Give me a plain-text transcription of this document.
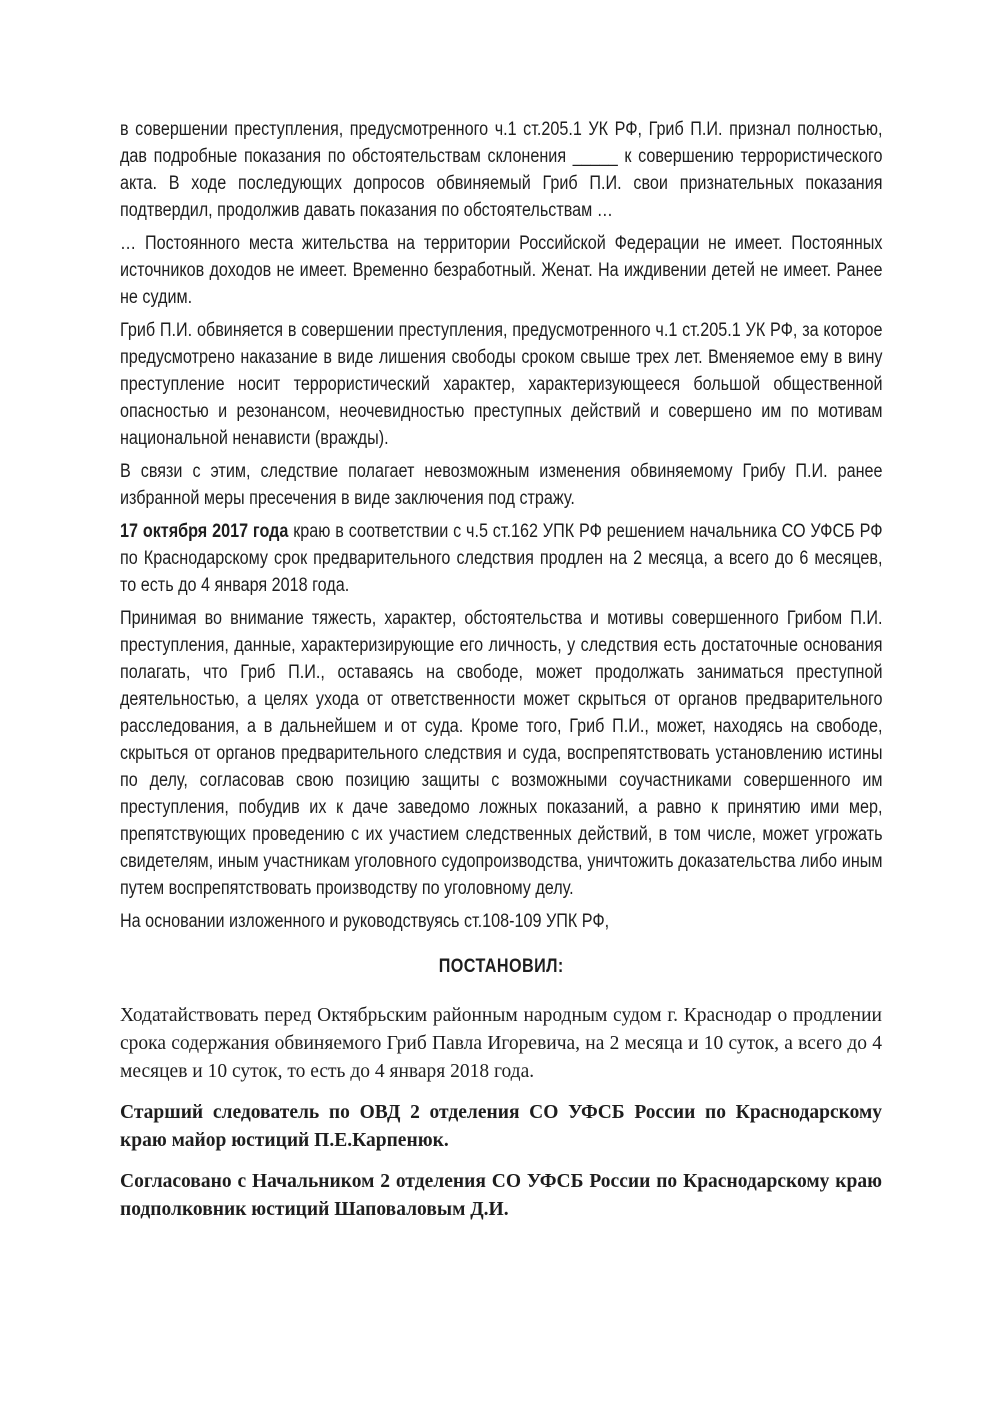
в совершении преступления, предусмотренного ч.1 ст.205.1 УК РФ, Гриб П.И. признал полностью, дав подробные показания по обстоятельствам склонения _____ к совершению террористического акта. В ходе последующих допросов обвиняемый Гриб П.И. свои признательных показания подтвердил, продолжив давать показания по обстоятельствам …

… Постоянного места жительства на территории Российской Федерации не имеет. Постоянных источников доходов не имеет. Временно безработный. Женат. На иждивении детей не имеет. Ранее не судим.

Гриб П.И. обвиняется в совершении преступления, предусмотренного ч.1 ст.205.1 УК РФ, за которое предусмотрено наказание в виде лишения свободы сроком свыше трех лет. Вменяемое ему в вину преступление носит террористический характер, характеризующееся большой общественной опасностью и резонансом, неочевидностью преступных действий и совершено им по мотивам национальной ненависти (вражды).

В связи с этим, следствие полагает невозможным изменения обвиняемому Грибу П.И. ранее избранной меры пресечения в виде заключения под стражу.

17 октября 2017 года краю в соответствии с ч.5 ст.162 УПК РФ решением начальника СО УФСБ РФ по Краснодарскому срок предварительного следствия продлен на 2 месяца, а всего до 6 месяцев, то есть до 4 января 2018 года.

Принимая во внимание тяжесть, характер, обстоятельства и мотивы совершенного Грибом П.И. преступления, данные, характеризирующие его личность, у следствия есть достаточные основания полагать, что Гриб П.И., оставаясь на свободе, может продолжать заниматься преступной деятельностью, а целях ухода от ответственности может скрыться от органов предварительного расследования, а в дальнейшем и от суда. Кроме того, Гриб П.И., может, находясь на свободе, скрыться от органов предварительного следствия и суда, воспрепятствовать установлению истины по делу, согласовав свою позицию защиты с возможными соучастниками совершенного им преступления, побудив их к даче заведомо ложных показаний, а равно к принятию ими мер, препятствующих проведению с их участием следственных действий, в том числе, может угрожать свидетелям, иным участникам уголовного судопроизводства, уничтожить доказательства либо иным путем воспрепятствовать производству по уголовному делу.

На основании изложенного и руководствуясь ст.108-109 УПК РФ,

ПОСТАНОВИЛ:

Ходатайствовать перед Октябрьским районным народным судом г. Краснодар о продлении срока содержания обвиняемого Гриб Павла Игоревича, на 2 месяца и 10 суток, а всего до 4 месяцев и 10 суток, то есть до 4 января 2018 года.

Старший следователь по ОВД 2 отделения СО УФСБ России по Краснодарскому краю майор юстиций П.Е.Карпенюк.

Согласовано с Начальником 2 отделения СО УФСБ России по Краснодарскому краю подполковник юстиций Шаповаловым Д.И.
